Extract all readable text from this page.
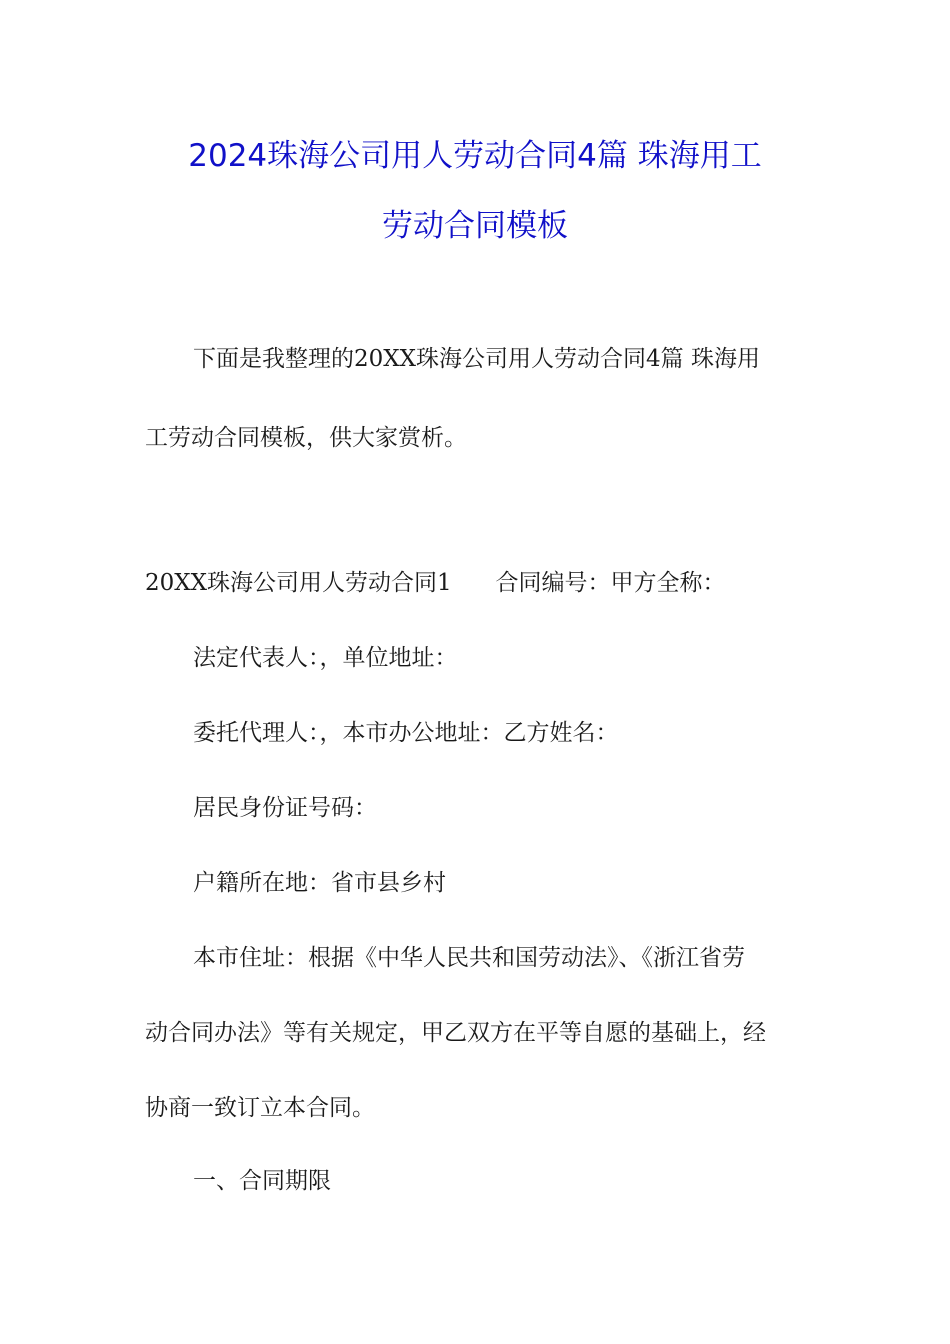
2024珠海公司用人劳动合同4篇 珠海用工
劳动合同模板
下面是我整理的20XX珠海公司用人劳动合同4篇 珠海用
工劳动合同模板，供大家赏析。
20XX珠海公司用人劳动合同1      合同编号：甲方全称：
法定代表人：，单位地址：
委托代理人：，本市办公地址：乙方姓名：
居民身份证号码：
户籍所在地：省市县乡村
本市住址：根据《中华人民共和国劳动法》、《浙江省劳
动合同办法》等有关规定，甲乙双方在平等自愿的基础上，经
协商一致订立本合同。
一、合同期限
